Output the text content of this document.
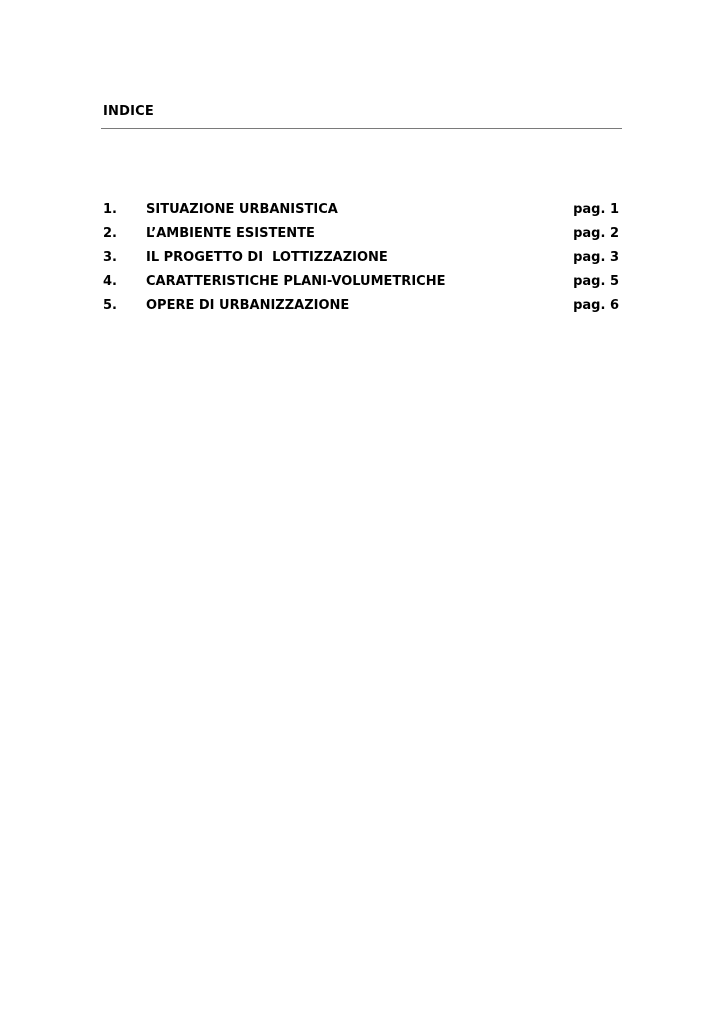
INDICE
1. SITUAZIONE URBANISTICA	pag. 1
2. L’AMBIENTE ESISTENTE	pag. 2
3. IL PROGETTO DI  LOTTIZZAZIONE	pag. 3
4. CARATTERISTICHE PLANI-VOLUMETRICHE	pag. 5
5. OPERE DI URBANIZZAZIONE	pag. 6
